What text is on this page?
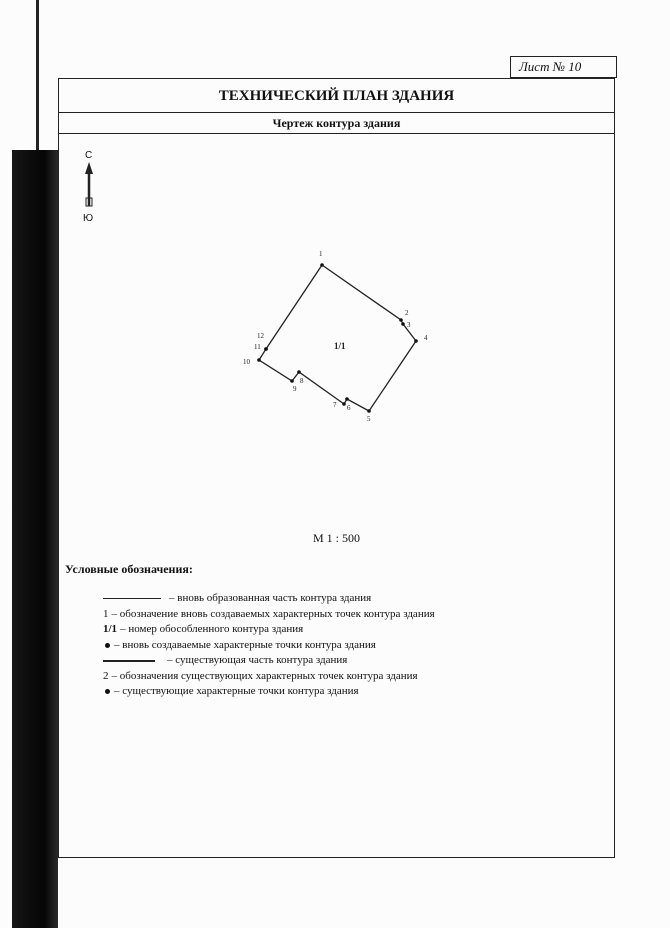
Лист № 10
ТЕХНИЧЕСКИЙ ПЛАН ЗДАНИЯ
Чертеж контура здания
М 1 : 500
Условные обозначения:
– вновь образованная часть контура здания
1 – обозначение вновь создаваемых характерных точек контура здания
1/1 – номер обособленного контура здания
– вновь создаваемые характерные точки контура здания
– существующая часть контура здания
2 – обозначения существующих характерных точек контура здания
– существующие характерные точки контура здания
С
1
2
3
4
5
6
7
8
9
10
11
12
1/1
Ю
